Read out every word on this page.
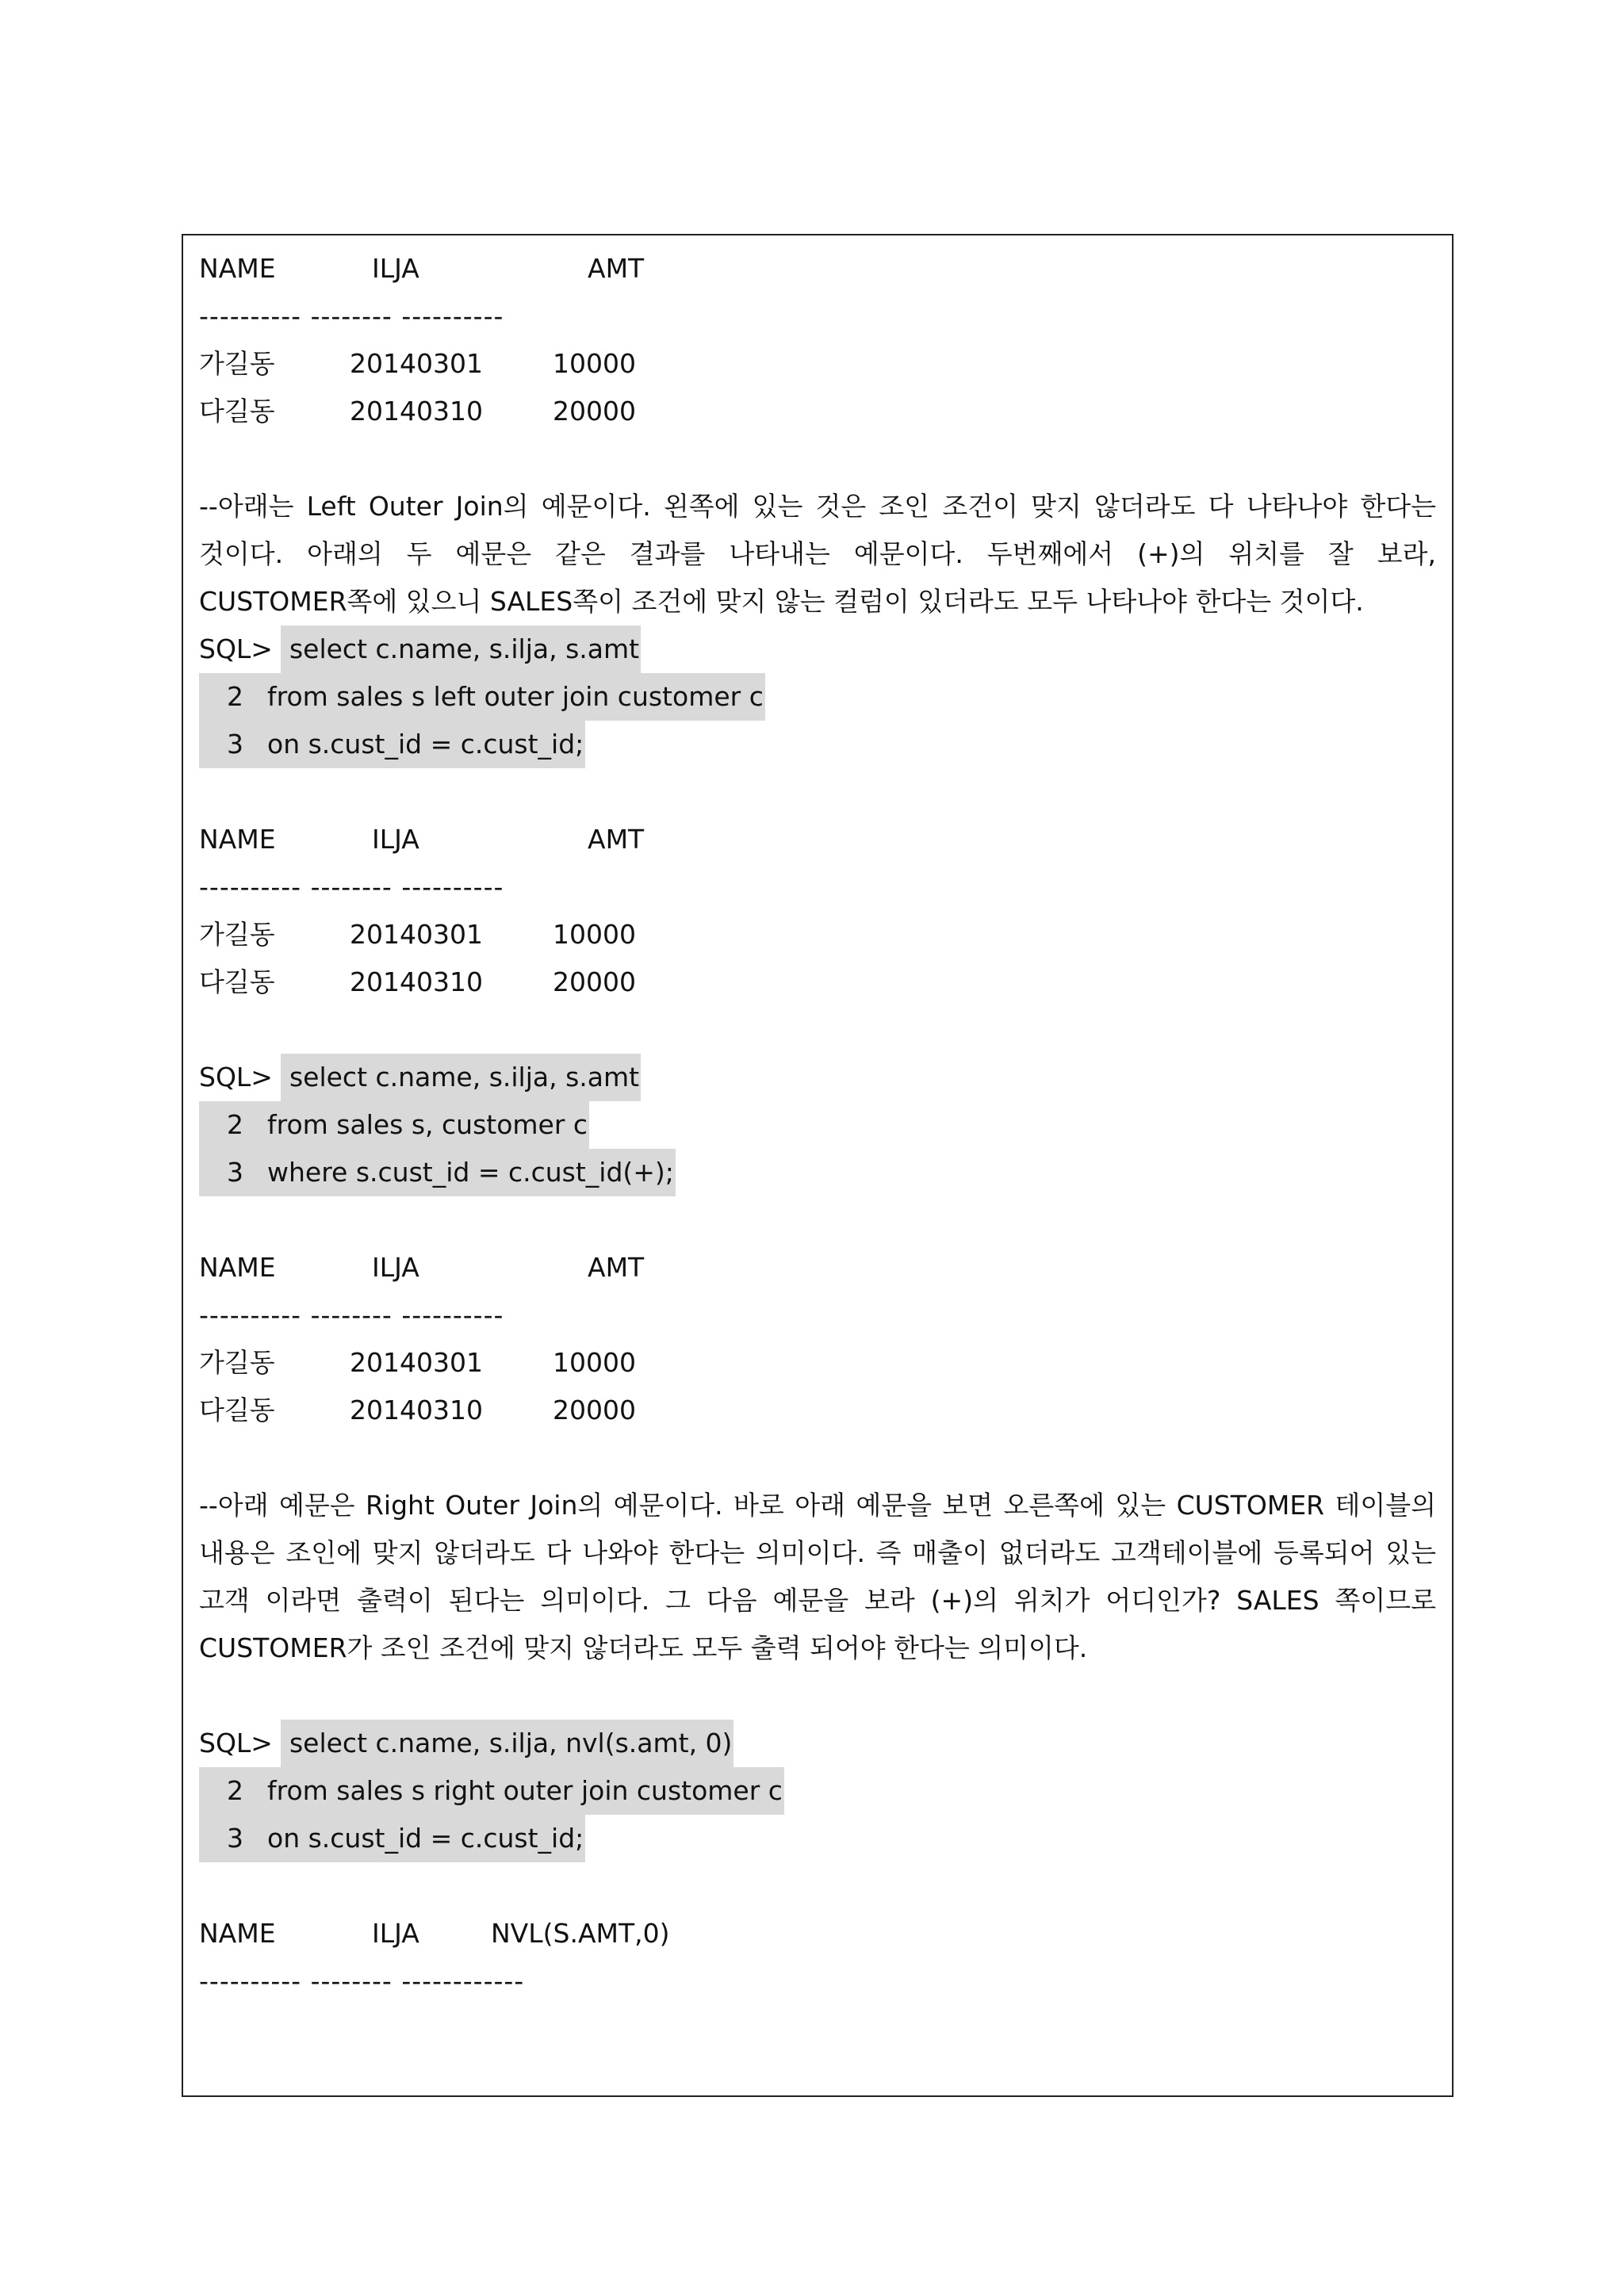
NAME	ILJA	AMT
---------- -------- ----------
가길동	20140301	10000
다길동	20140310	20000
--아래는 Left Outer Join의 예문이다. 왼쪽에 있는 것은 조인 조건이 맞지 않더라도 다 나타나야 한다는 것이다. 아래의 두 예문은 같은 결과를 나타내는 예문이다. 두번째에서 (+)의 위치를 잘 보라, CUSTOMER쪽에 있으니 SALES쪽이 조건에 맞지 않는 컬럼이 있더라도 모두 나타나야 한다는 것이다.
SQL> select c.name, s.ilja, s.amt
2 from sales s left outer join customer c
3 on s.cust_id = c.cust_id;
NAME	ILJA	AMT
---------- -------- ----------
가길동	20140301	10000
다길동	20140310	20000
SQL> select c.name, s.ilja, s.amt
2 from sales s, customer c
3 where s.cust_id = c.cust_id(+);
NAME	ILJA	AMT
---------- -------- ----------
가길동	20140301	10000
다길동	20140310	20000
--아래 예문은 Right Outer Join의 예문이다. 바로 아래 예문을 보면 오른쪽에 있는 CUSTOMER 테이블의 내용은 조인에 맞지 않더라도 다 나와야 한다는 의미이다. 즉 매출이 없더라도 고객테이블에 등록되어 있는 고객 이라면 출력이 된다는 의미이다. 그 다음 예문을 보라 (+)의 위치가 어디인가? SALES 쪽이므로 CUSTOMER가 조인 조건에 맞지 않더라도 모두 출력 되어야 한다는 의미이다.
SQL> select c.name, s.ilja, nvl(s.amt, 0)
2 from sales s right outer join customer c
3 on s.cust_id = c.cust_id;
NAME	ILJA	NVL(S.AMT,0)
---------- -------- ------------
